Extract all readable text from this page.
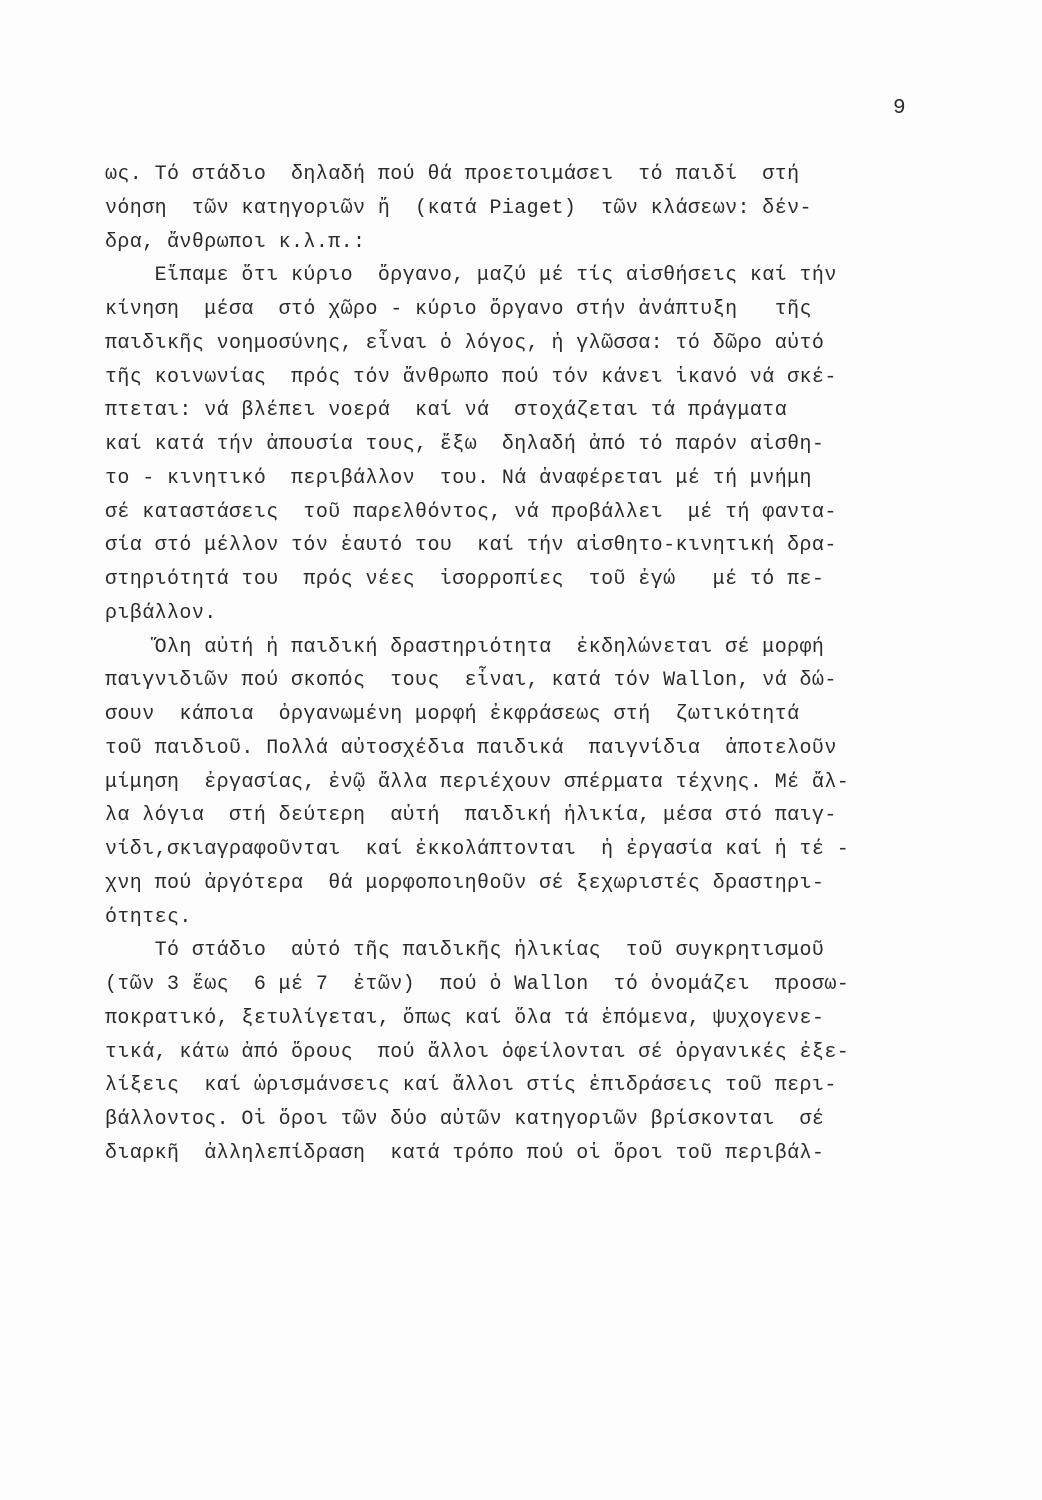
9
ως. Τό στάδιο  δηλαδή πού θά προετοιμάσει  τό παιδί  στή
νόηση  τῶν κατηγοριῶν ἤ  (κατά Piaget)  τῶν κλάσεων: δέν-
δρα, ἄνθρωποι κ.λ.π.:
Εἴπαμε ὅτι κύριο  ὄργανο, μαζύ μέ τίς αἰσθήσεις καί τήν
κίνηση  μέσα  στό χῶρο - κύριο ὄργανο στήν ἀνάπτυξη   τῆς
παιδικῆς νοημοσύνης, εἶναι ὁ λόγος, ἡ γλῶσσα: τό δῶρο αὐτό
τῆς κοινωνίας  πρός τόν ἄνθρωπο πού τόν κάνει ἱκανό νά σκέ-
πτεται: νά βλέπει νοερά  καί νά  στοχάζεται τά πράγματα
καί κατά τήν ἀπουσία τους, ἔξω  δηλαδή ἀπό τό παρόν αἰσθη-
το - κινητικό  περιβάλλον  του. Νά ἀναφέρεται μέ τή μνήμη
σέ καταστάσεις  τοῦ παρελθόντος, νά προβάλλει  μέ τή φαντα-
σία στό μέλλον τόν ἑαυτό του  καί τήν αἰσθητο-κινητική δρα-
στηριότητά του  πρός νέες  ἰσορροπίες  τοῦ ἐγώ   μέ τό πε-
ριβάλλον.
Ὅλη αὐτή ἡ παιδική δραστηριότητα  ἐκδηλώνεται σέ μορφή
παιγνιδιῶν πού σκοπός  τους  εἶναι, κατά τόν Wallon, νά δώ-
σουν  κάποια  ὀργανωμένη μορφή ἐκφράσεως στή  ζωτικότητά
τοῦ παιδιοῦ. Πολλά αὐτοσχέδια παιδικά  παιγνίδια  ἀποτελοῦν
μίμηση  ἐργασίας, ἐνῷ ἄλλα περιέχουν σπέρματα τέχνης. Μέ ἄλ-
λα λόγια  στή δεύτερη  αὐτή  παιδική ἡλικία, μέσα στό παιγ-
νίδι,σκιαγραφοῦνται  καί ἐκκολάπτονται  ἡ ἐργασία καί ἡ τέ -
χνη πού ἀργότερα  θά μορφοποιηθοῦν σέ ξεχωριστές δραστηρι-
ότητες.
Τό στάδιο  αὐτό τῆς παιδικῆς ἡλικίας  τοῦ συγκρητισμοῦ
(τῶν 3 ἕως  6 μέ 7  ἐτῶν)  πού ὁ Wallon  τό ὀνομάζει  προσω-
ποκρατικό, ξετυλίγεται, ὅπως καί ὅλα τά ἑπόμενα, ψυχογενε-
τικά, κάτω ἀπό ὅρους  πού ἄλλοι ὀφείλονται σέ ὀργανικές ἐξε-
λίξεις  καί ὡρισμάνσεις καί ἄλλοι στίς ἐπιδράσεις τοῦ περι-
βάλλοντος. Οἱ ὅροι τῶν δύο αὐτῶν κατηγοριῶν βρίσκονται  σέ
διαρκῆ  ἀλληλεπίδραση  κατά τρόπο πού οἱ ὅροι τοῦ περιβάλ-
